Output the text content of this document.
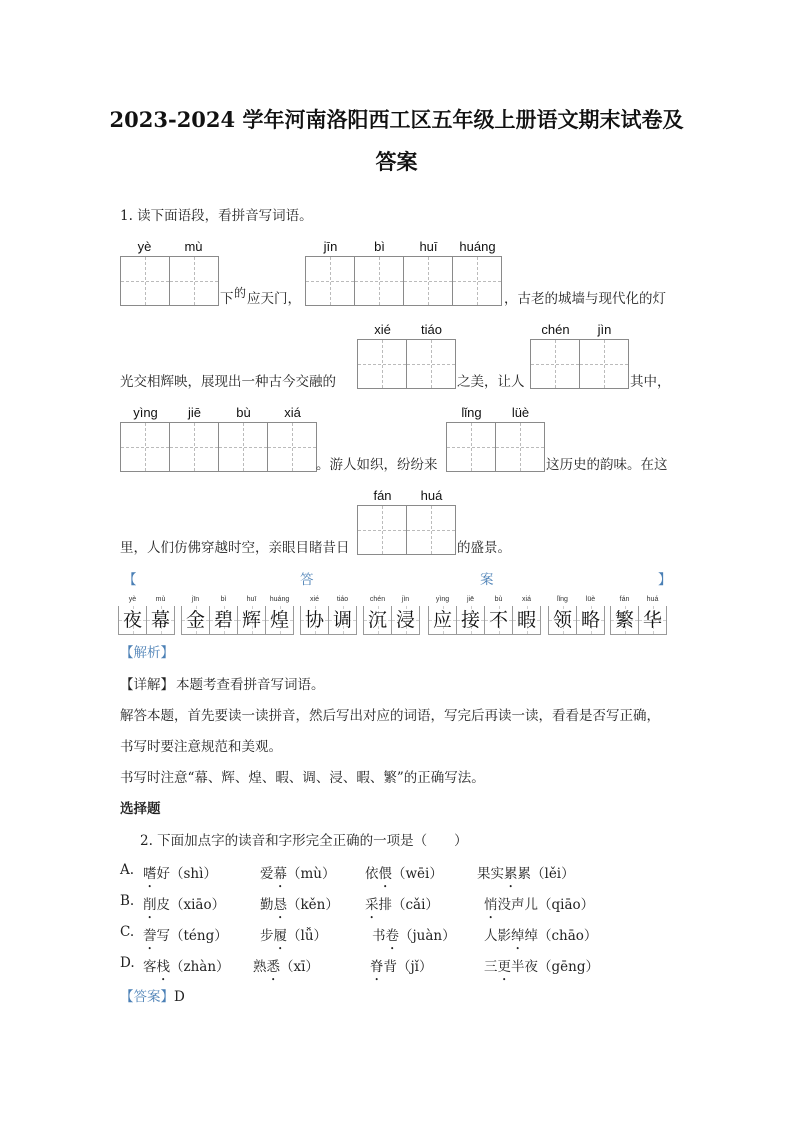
2023-2024 学年河南洛阳西工区五年级上册语文期末试卷及
答案
1. 读下面语段，看拼音写词语。
yè	mù
下 的 应天门，
jīn	bì	huī	huáng
，古老的城墙与现代化的灯
光交相辉映，展现出一种古今交融的
xié	tiáo
之美，让人
chén	jìn
其中，
yìng	jiē	bù	xiá
。游人如织，纷纷来
lǐng	lüè
这历史的韵味。在这
里，人们仿佛穿越时空，亲眼目睹昔日
fán	huá
的盛景。
【	答	案	】
yè
夜
mù
幕
jīn
金
bì
碧
huī
辉
huáng
煌
xié
协
tiáo
调
chén
沉
jìn
浸
yìng
应
jiē
接
bù
不
xiá
暇
lǐng
领
lüè
略
fán
繁
huá
华
【解析】
【详解】 本题考查看拼音写词语。
解答本题，首先要读一读拼音，然后写出对应的词语，写完后再读一读，看看是否写正确，
书写时要注意规范和美观。
书写时注意“幕、辉、煌、暇、调、浸、暇、繁”的正确写法。
选择题
2. 下面加点字的读音和字形完全正确的一项是（　　）
A. 嗜好（shì）	爱幕（mù） 依偎（wēi）	果实累累（lěi）
B. 削皮（xiāo）	勤恳（kěn） 采排（cǎi）	悄没声儿（qiāo）
C. 誊写（téng） 步履（lǚ）	书卷（juàn） 人影绰绰（chāo）
D. 客栈（zhàn） 熟悉（xī）	脊背（jǐ）	三更半夜（gēng）
【答案】D
